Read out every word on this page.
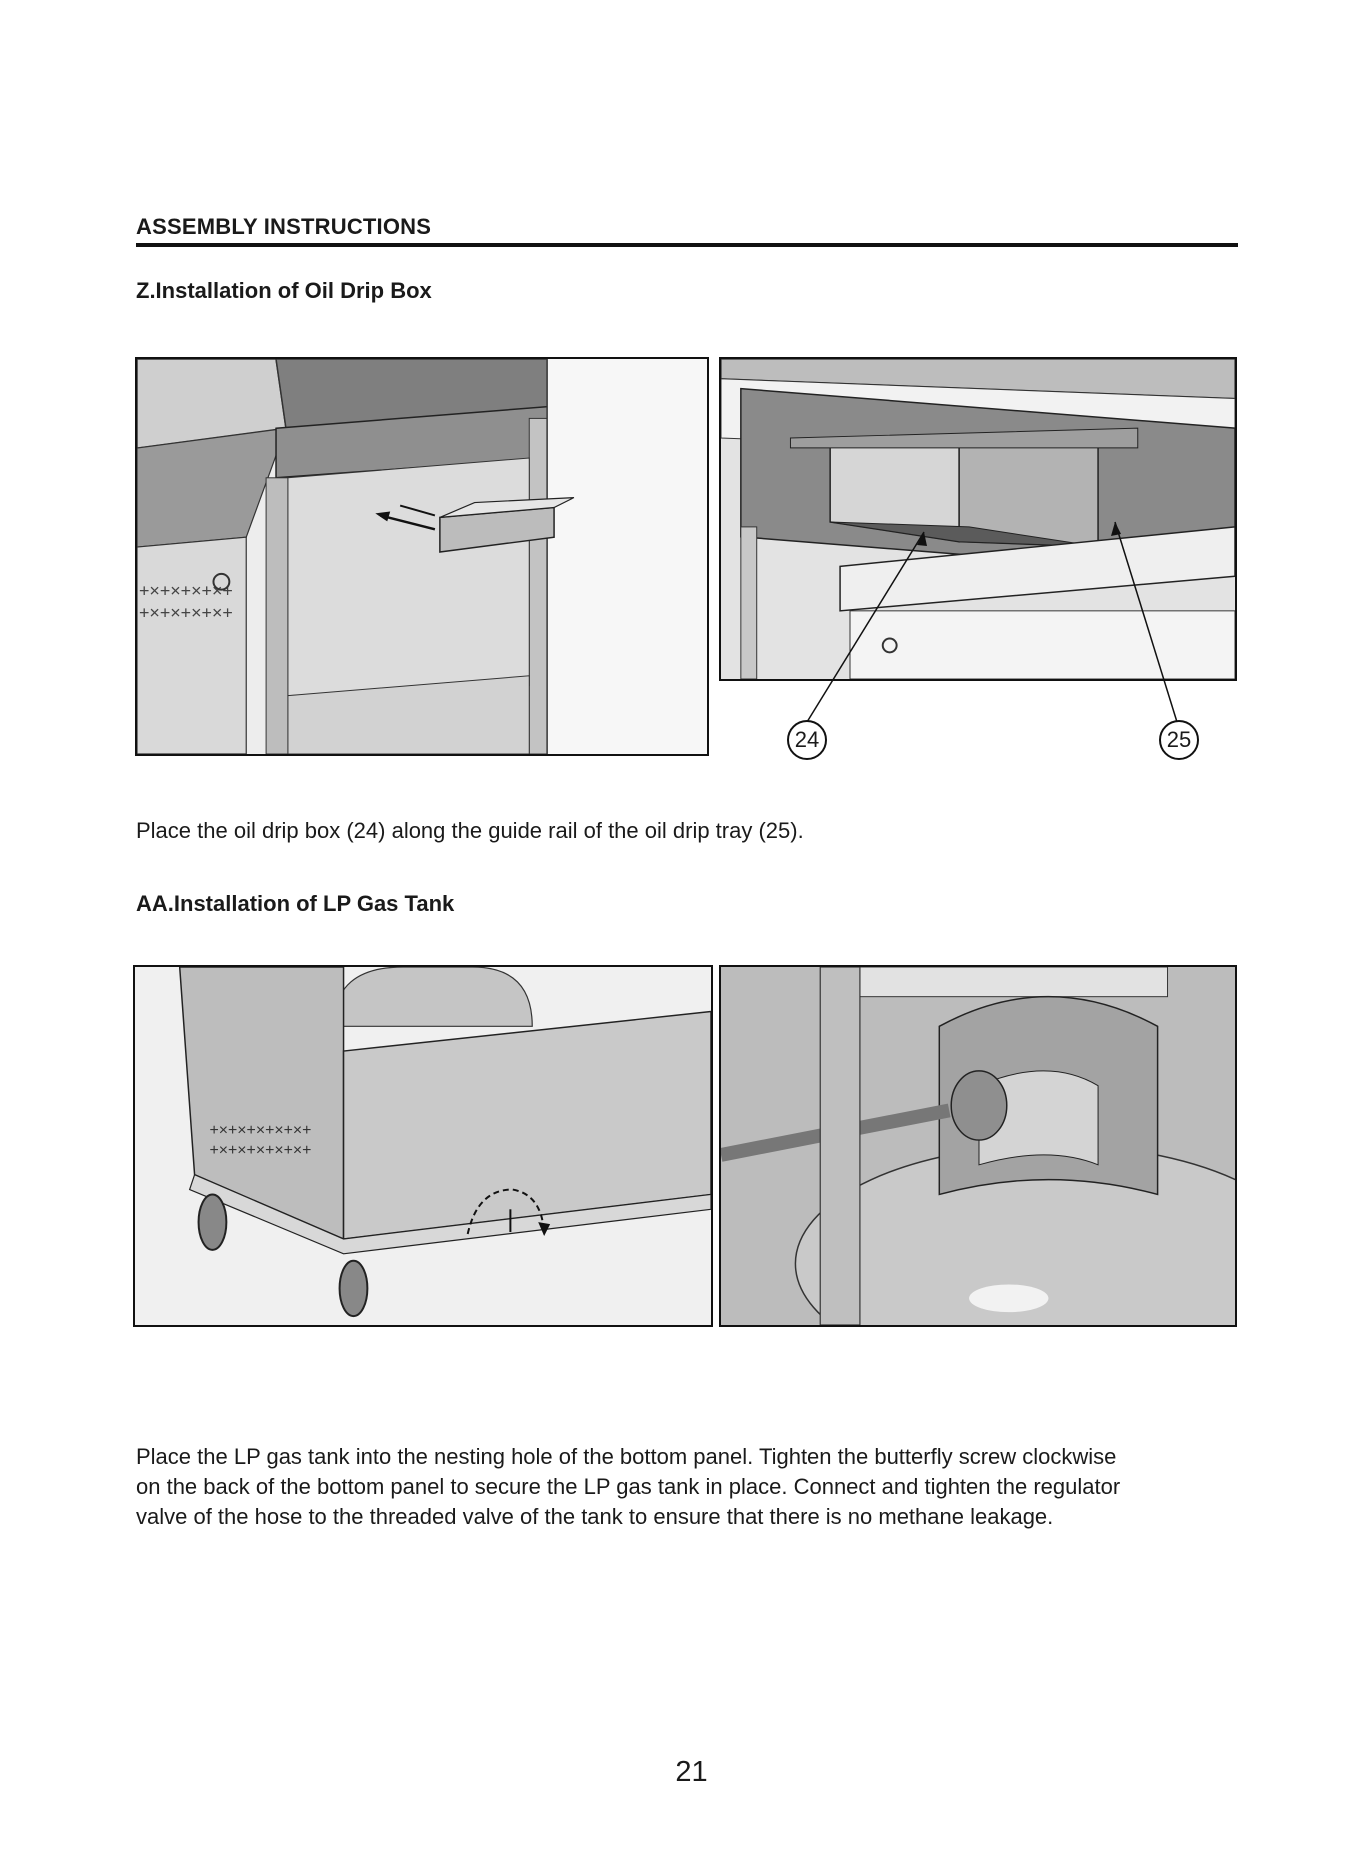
ASSEMBLY INSTRUCTIONS
Z.Installation of Oil Drip Box
+×+×+×+×+
+×+×+×+×+
24	25
Place the oil drip box (24) along the guide rail of the oil drip tray (25).
AA.Installation of LP Gas Tank
+×+×+×+×+×+
+×+×+×+×+×+
Place the LP gas tank into the nesting hole of the bottom panel. Tighten the butterfly screw clockwise
on the back of the bottom panel to secure the LP gas tank in place. Connect and tighten the regulator
valve of the hose to the threaded valve of the tank to ensure that there is no methane leakage.
21
